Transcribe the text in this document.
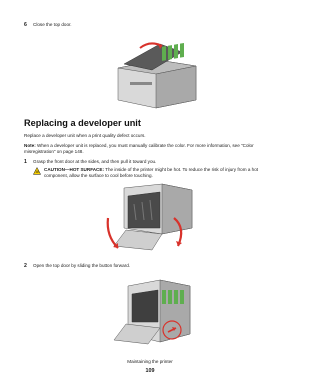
6 Close the top door.
Replacing a developer unit
Replace a developer unit when a print quality defect occurs.
Note: When a developer unit is replaced, you must manually calibrate the color. For more information, see "Color misregistration" on page 148.
1 Grasp the front door at the sides, and then pull it toward you.
CAUTION—HOT SURFACE: The inside of the printer might be hot. To reduce the risk of injury from a hot component, allow the surface to cool before touching.
2 Open the top door by sliding the button forward.
Maintaining the printer
109
